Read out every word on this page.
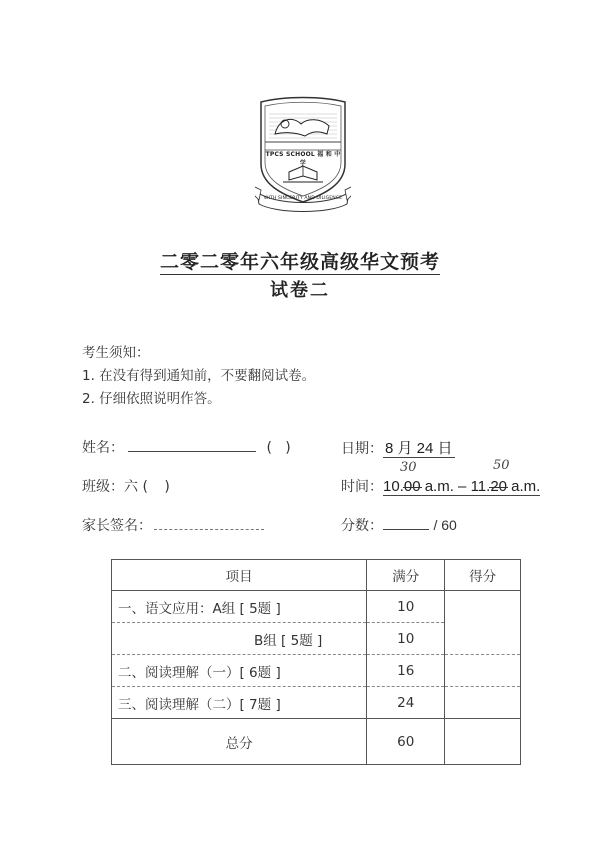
TPCS SCHOOL 福 和 中 学
WITH SINCERITY AND DILIGENCE
二零二零年六年级高级华文预考
试卷二
考生须知：
1. 在没有得到通知前，不要翻阅试卷。
2. 仔细依照说明作答。
姓名：	(   )	日期： 8 月 24 日
班级：六 ( )	时间：10.00 a.m. – 11.20 a.m.
30	50
家长签名：	分数：	/ 60
项目	满分	得分
一、语文应用：A组 [ 5题 ]	10	
B组 [ 5题 ]	10	
二、阅读理解（一）[ 6题 ]	16	
三、阅读理解（二）[ 7题 ]	24	
总分	60	
